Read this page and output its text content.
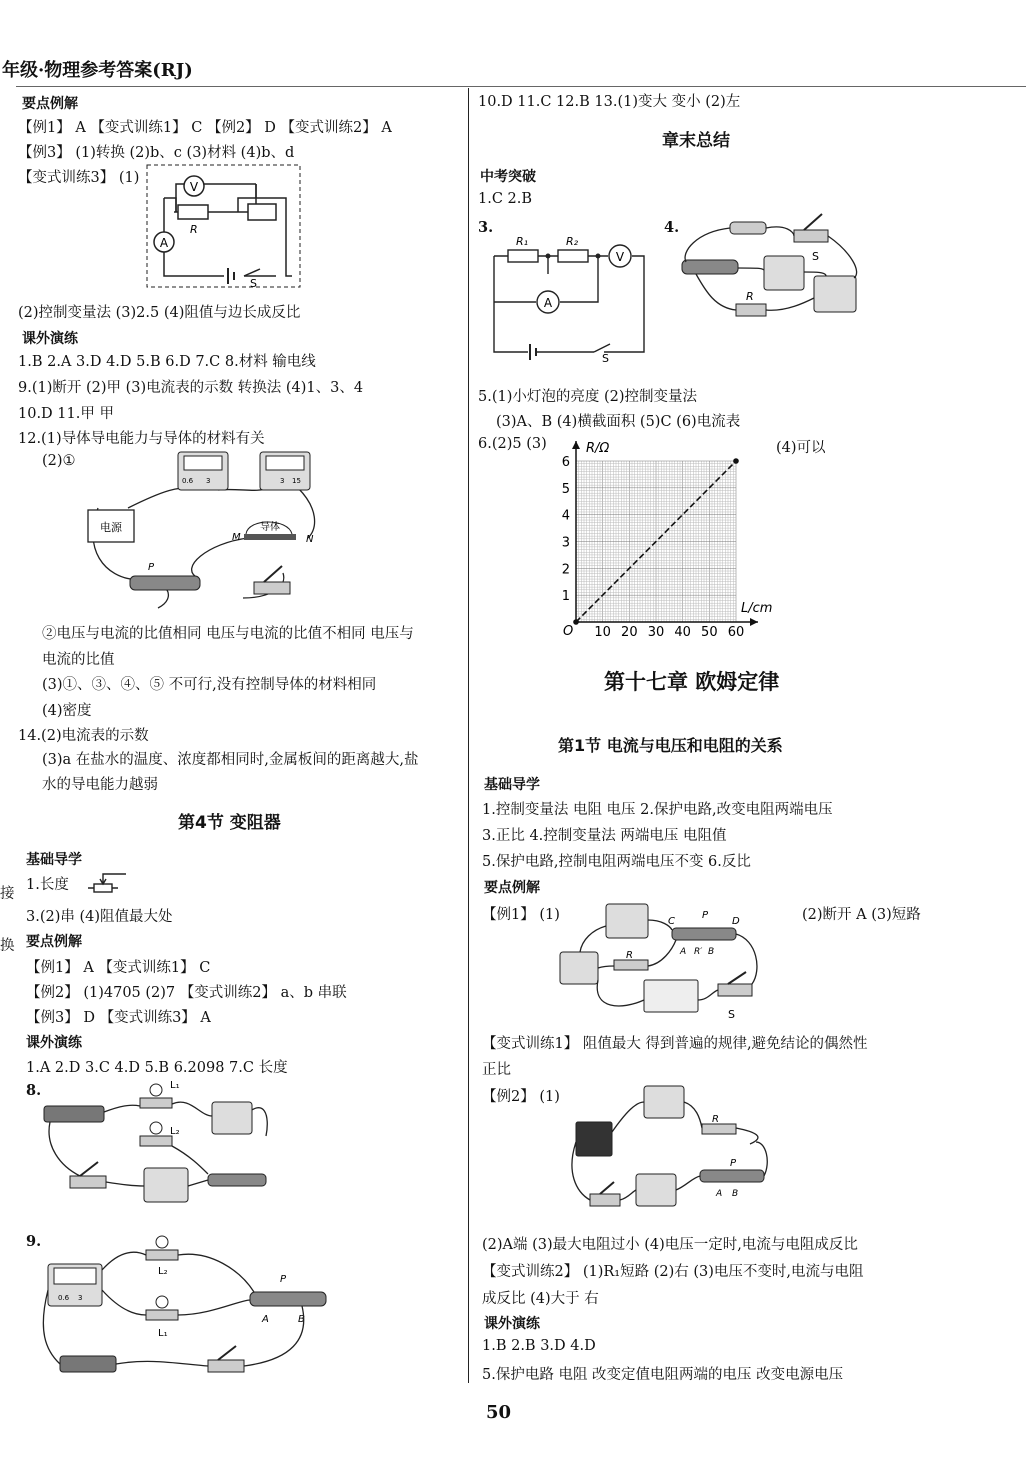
年级·物理参考答案(RJ)
接
换
要点例解
【例1】 A 【变式训练1】 C 【例2】 D 【变式训练2】 A
【例3】 (1)转换 (2)b、c (3)材料 (4)b、d
【变式训练3】 (1)
V
R
A
S
(2)控制变量法 (3)2.5 (4)阻值与边长成反比
课外演练
1.B 2.A 3.D 4.D 5.B 6.D 7.C 8.材料 输电线
9.(1)断开 (2)甲 (3)电流表的示数 转换法 (4)1、3、4
10.D 11.甲 甲
12.(1)导体导电能力与导体的材料有关
(2)①
0.6 3	3 15
电源	导体
M	N
P
②电压与电流的比值相同 电压与电流的比值不相同 电压与
电流的比值
(3)①、③、④、⑤ 不可行,没有控制导体的材料相同
(4)密度
14.(2)电流表的示数
(3)a 在盐水的温度、浓度都相同时,金属板间的距离越大,盐
水的导电能力越弱
第4节 变阻器
基础导学
1.长度
3.(2)串 (4)阻值最大处
要点例解
【例1】 A 【变式训练1】 C
【例2】 (1)4705 (2)7 【变式训练2】 a、b 串联
【例3】 D 【变式训练3】 A
课外演练
1.A 2.D 3.C 4.D 5.B 6.2098 7.C 长度
8.	L₁
L₂
9.
0.6 3
L₂
L₁
P
A	B
10.D 11.C 12.B 13.(1)变大 变小 (2)左
章末总结
中考突破
1.C 2.B
3.
R₁	R₂
V
A
S
4.
S
R
5.(1)小灯泡的亮度 (2)控制变量法
(3)A、B (4)横截面积 (5)C (6)电流表
6.(2)5 (3)	(4)可以
R/Ω
L/cm
O 10 20 30 40 50 60
1
2
3
4
5
6
第十七章 欧姆定律
第1节 电流与电压和电阻的关系
基础导学
1.控制变量法 电阻 电压 2.保护电路,改变电阻两端电压
3.正比 4.控制变量法 两端电压 电阻值
5.保护电路,控制电阻两端电压不变 6.反比
要点例解
【例1】 (1)	(2)断开 A (3)短路
C
P
D
A R′ B
R
S
【变式训练1】 阻值最大 得到普遍的规律,避免结论的偶然性
正比
【例2】 (1)
R
P
A B
(2)A端 (3)最大电阻过小 (4)电压一定时,电流与电阻成反比
【变式训练2】 (1)R₁短路 (2)右 (3)电压不变时,电流与电阻
成反比 (4)大于 右
课外演练
1.B 2.B 3.D 4.D
5.保护电路 电阻 改变定值电阻两端的电压 改变电源电压
50
